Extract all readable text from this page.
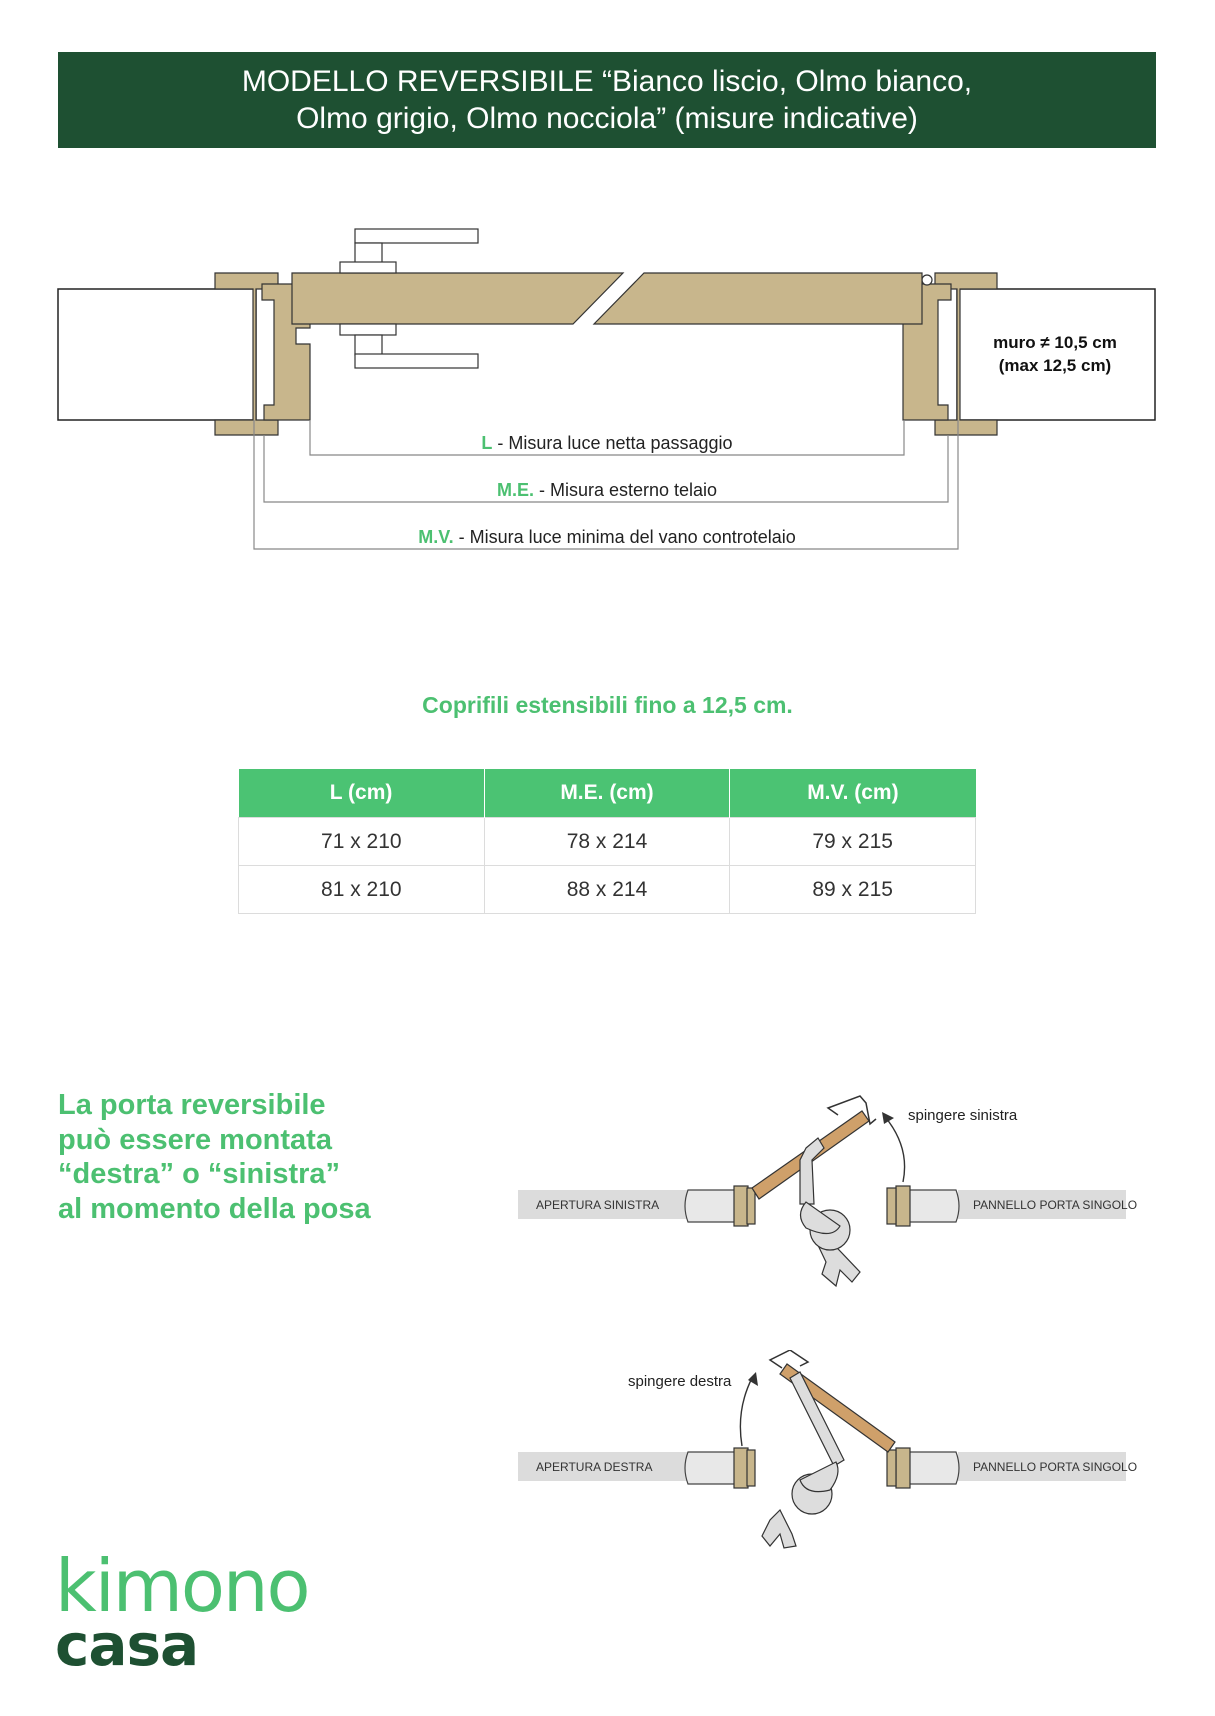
MODELLO REVERSIBILE “Bianco liscio, Olmo bianco,
Olmo grigio, Olmo nocciola” (misure indicative)
muro ≠ 10,5 cm
(max 12,5 cm)
L - Misura luce netta passaggio
M.E. - Misura esterno telaio
M.V. - Misura luce minima del vano controtelaio
Coprifili estensibili fino a 12,5 cm.
L (cm)	M.E. (cm)	M.V. (cm)
71 x 210	78 x 214	79 x 215
81 x 210	88 x 214	89 x 215
La porta reversibile
può essere montata
“destra” o “sinistra”
al momento della posa	APERTURA SINISTRA	PANNELLO PORTA SINGOLO
spingere sinistra
APERTURA DESTRA	PANNELLO PORTA SINGOLO
spingere destra
kimono
casa
